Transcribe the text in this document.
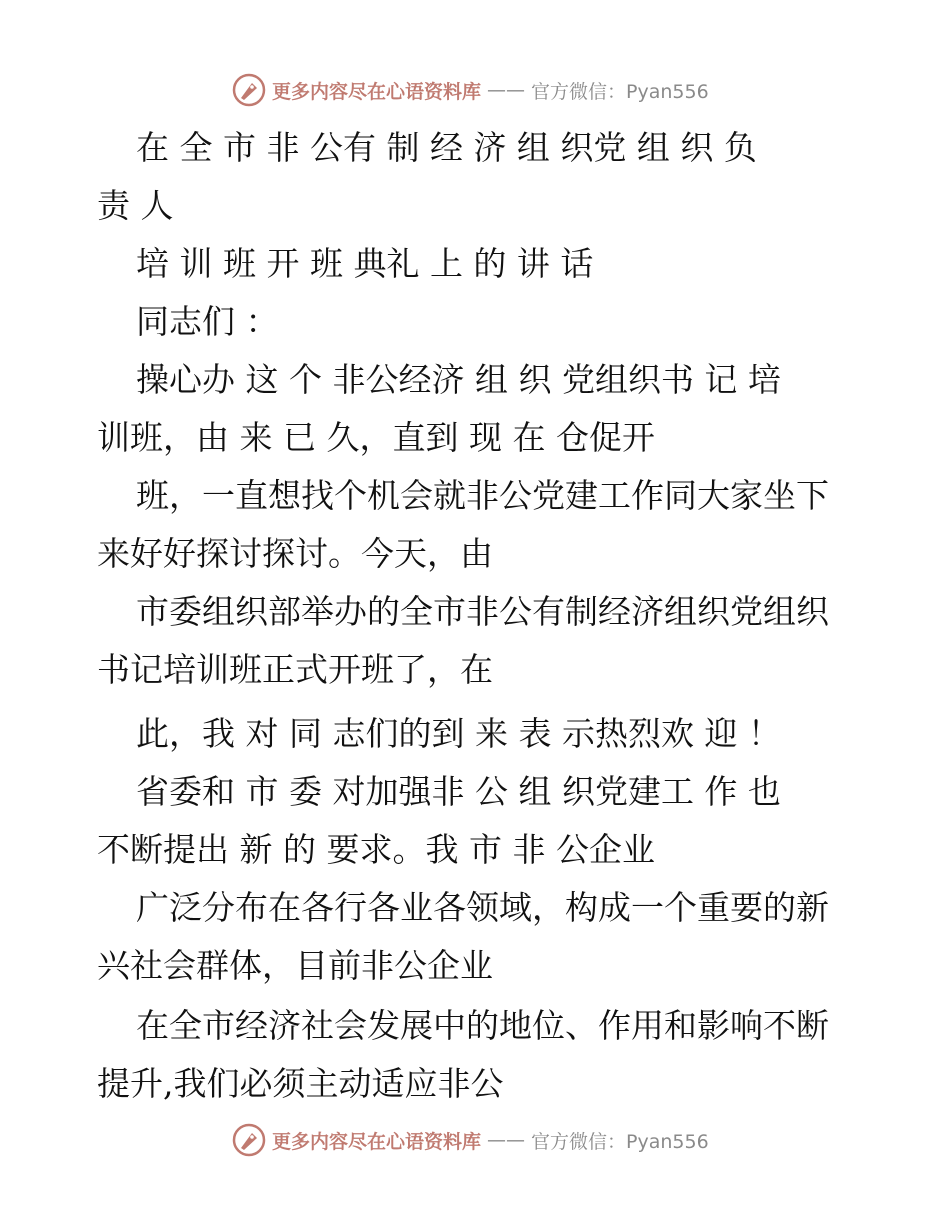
更多内容尽在心语资料库 —— 官方微信：Pyan556
在 全 市 非 公有 制 经 济 组 织党 组 织 负
责 人
培 训 班 开 班 典礼 上 的 讲 话
同志们 ：
操心办 这 个 非公经济 组 织 党组织书 记 培
训班，由 来 已 久，直到 现 在 仓促开
班，一直想找个机会就非公党建工作同大家坐下
来好好探讨探讨。今天，由
市委组织部举办的全市非公有制经济组织党组织
书记培训班正式开班了，在
此，我 对 同 志们的到 来 表 示热烈欢 迎 ！
省委和 市 委 对加强非 公 组 织党建工 作 也
不断提出 新 的 要求。我 市 非 公企业
广泛分布在各行各业各领域，构成一个重要的新
兴社会群体，目前非公企业
在全市经济社会发展中的地位、作用和影响不断
提升,我们必须主动适应非公
更多内容尽在心语资料库 —— 官方微信：Pyan556
